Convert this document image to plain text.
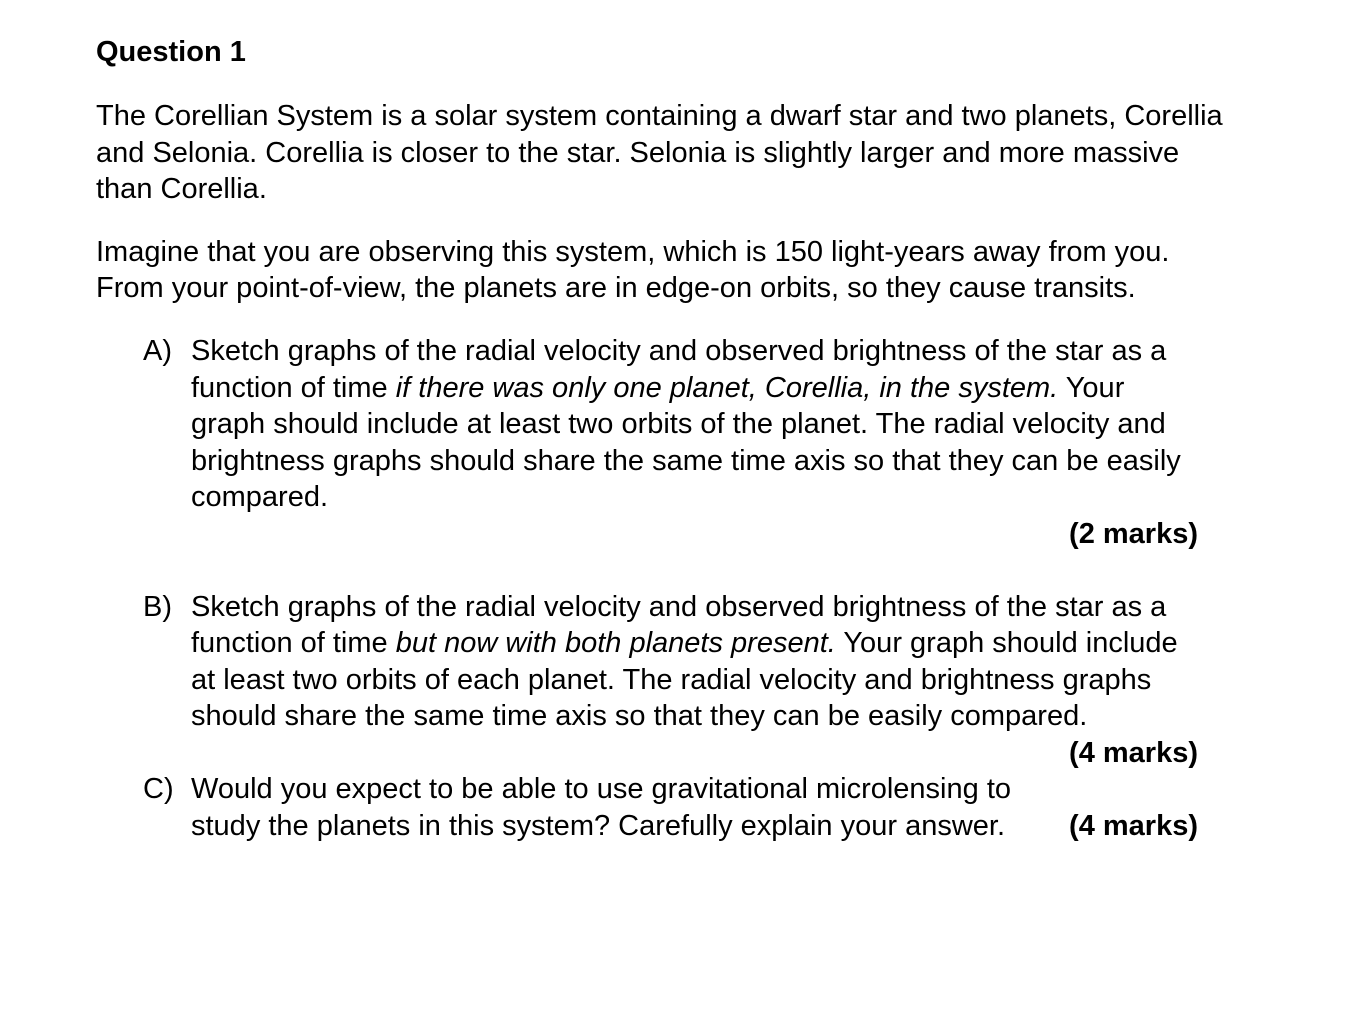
Question 1

The Corellian System is a solar system containing a dwarf star and two planets, Corellia and Selonia. Corellia is closer to the star. Selonia is slightly larger and more massive than Corellia.

Imagine that you are observing this system, which is 150 light-years away from you. From your point-of-view, the planets are in edge-on orbits, so they cause transits.

A) Sketch graphs of the radial velocity and observed brightness of the star as a function of time if there was only one planet, Corellia, in the system. Your graph should include at least two orbits of the planet. The radial velocity and brightness graphs should share the same time axis so that they can be easily compared.
(2 marks)
B) Sketch graphs of the radial velocity and observed brightness of the star as a function of time but now with both planets present. Your graph should include at least two orbits of each planet. The radial velocity and brightness graphs should share the same time axis so that they can be easily compared.
(4 marks)
C) Would you expect to be able to use gravitational microlensing to study the planets in this system? Carefully explain your answer. (4 marks)
